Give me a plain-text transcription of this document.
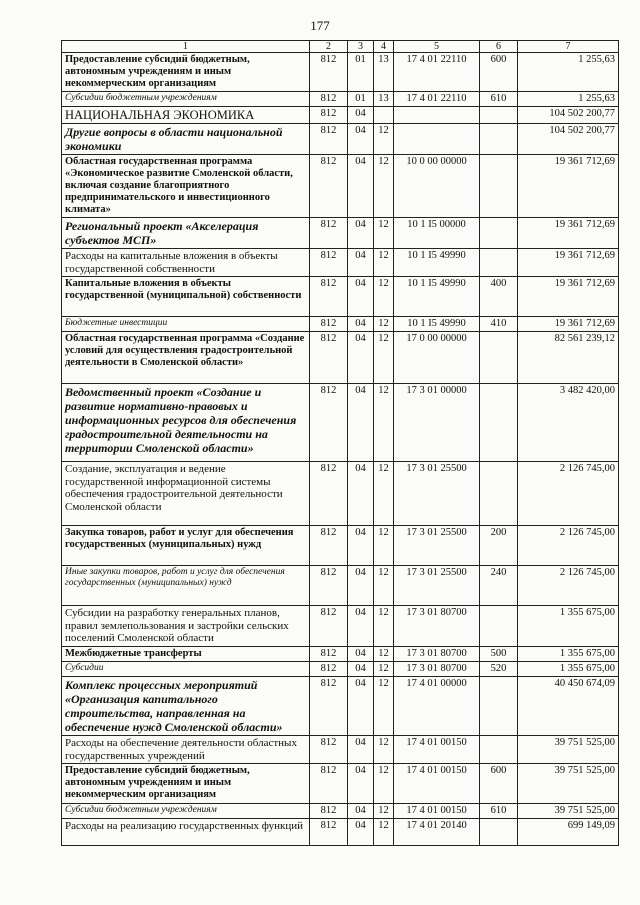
177
1	2	3	4	5	6	7
Предоставление субсидий бюджетным, автономным учреждениям и иным некоммерческим организациям	812	01	13	17 4 01 22110	600	1 255,63
Субсидии бюджетным учреждениям	812	01	13	17 4 01 22110	610	1 255,63
НАЦИОНАЛЬНАЯ ЭКОНОМИКА	812	04				104 502 200,77
Другие вопросы в области национальной экономики	812	04	12			104 502 200,77
Областная государственная программа «Экономическое развитие Смоленской области, включая создание благоприятного предпринимательского и инвестиционного климата»	812	04	12	10 0 00 00000		19 361 712,69
Региональный проект «Акселерация субъектов МСП»	812	04	12	10 1 I5 00000		19 361 712,69
Расходы на капитальные вложения в объекты государственной собственности	812	04	12	10 1 I5 49990		19 361 712,69
Капитальные вложения в объекты государственной (муниципальной) собственности	812	04	12	10 1 I5 49990	400	19 361 712,69
Бюджетные инвестиции	812	04	12	10 1 I5 49990	410	19 361 712,69
Областная государственная программа «Создание условий для осуществления градостроительной деятельности в Смоленской области»	812	04	12	17 0 00 00000		82 561 239,12
Ведомственный проект «Создание и развитие нормативно-правовых и информационных ресурсов для обеспечения градостроительной деятельности на территории Смоленской области»	812	04	12	17 3 01 00000		3 482 420,00
Создание, эксплуатация и ведение государственной информационной системы обеспечения градостроительной деятельности Смоленской области	812	04	12	17 3 01 25500		2 126 745,00
Закупка товаров, работ и услуг для обеспечения государственных (муниципальных) нужд	812	04	12	17 3 01 25500	200	2 126 745,00
Иные закупки товаров, работ и услуг для обеспечения государственных (муниципальных) нужд	812	04	12	17 3 01 25500	240	2 126 745,00
Субсидии на разработку генеральных планов, правил землепользования и застройки сельских поселений Смоленской области	812	04	12	17 3 01 80700		1 355 675,00
Межбюджетные трансферты	812	04	12	17 3 01 80700	500	1 355 675,00
Субсидии	812	04	12	17 3 01 80700	520	1 355 675,00
Комплекс процессных мероприятий «Организация капитального строительства, направленная на обеспечение нужд Смоленской области»	812	04	12	17 4 01 00000		40 450 674,09
Расходы на обеспечение деятельности областных государственных учреждений	812	04	12	17 4 01 00150		39 751 525,00
Предоставление субсидий бюджетным, автономным учреждениям и иным некоммерческим организациям	812	04	12	17 4 01 00150	600	39 751 525,00
Субсидии бюджетным учреждениям	812	04	12	17 4 01 00150	610	39 751 525,00
Расходы на реализацию государственных функций	812	04	12	17 4 01 20140		699 149,09
